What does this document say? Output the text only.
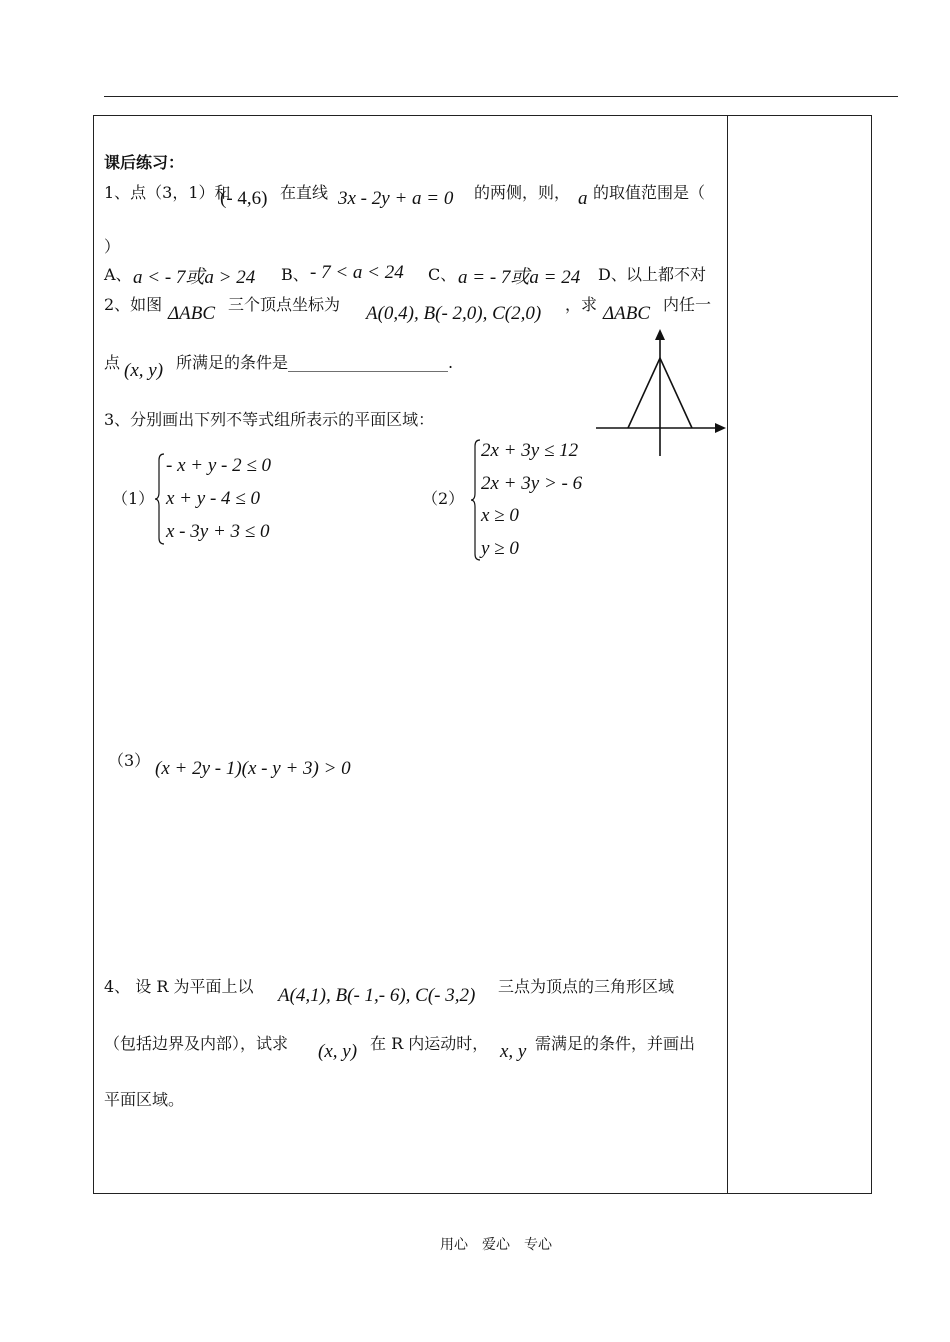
课后练习：
1、点（3，1）和
(- 4,6) 在直线 3x - 2y + a = 0 的两侧，则， a 的取值范围是（
）
A、 a < - 7或a > 24 B、 - 7 < a < 24 C、 a = - 7或a = 24 D、 以上都不对
2、如图 ΔABC 三个顶点坐标为 A(0,4), B(- 2,0), C(2,0) ，求 ΔABC 内任一
点 (x, y) 所满足的条件是____________________.
3、分别画出下列不等式组所表示的平面区域：
（1）
- x + y - 2 ≤ 0
x + y - 4 ≤ 0
x - 3y + 3 ≤ 0
（2）
2x + 3y ≤ 12
2x + 3y > - 6
x ≥ 0
y ≥ 0
（3） (x + 2y - 1)(x - y + 3) > 0
4、 设 R 为平面上以 A(4,1), B(- 1,- 6), C(- 3,2) 三点为顶点的三角形区域
（包括边界及内部），试求 (x, y) 在 R 内运动时， x, y 需满足的条件，并画出
平面区域。
用心　爱心　专心
